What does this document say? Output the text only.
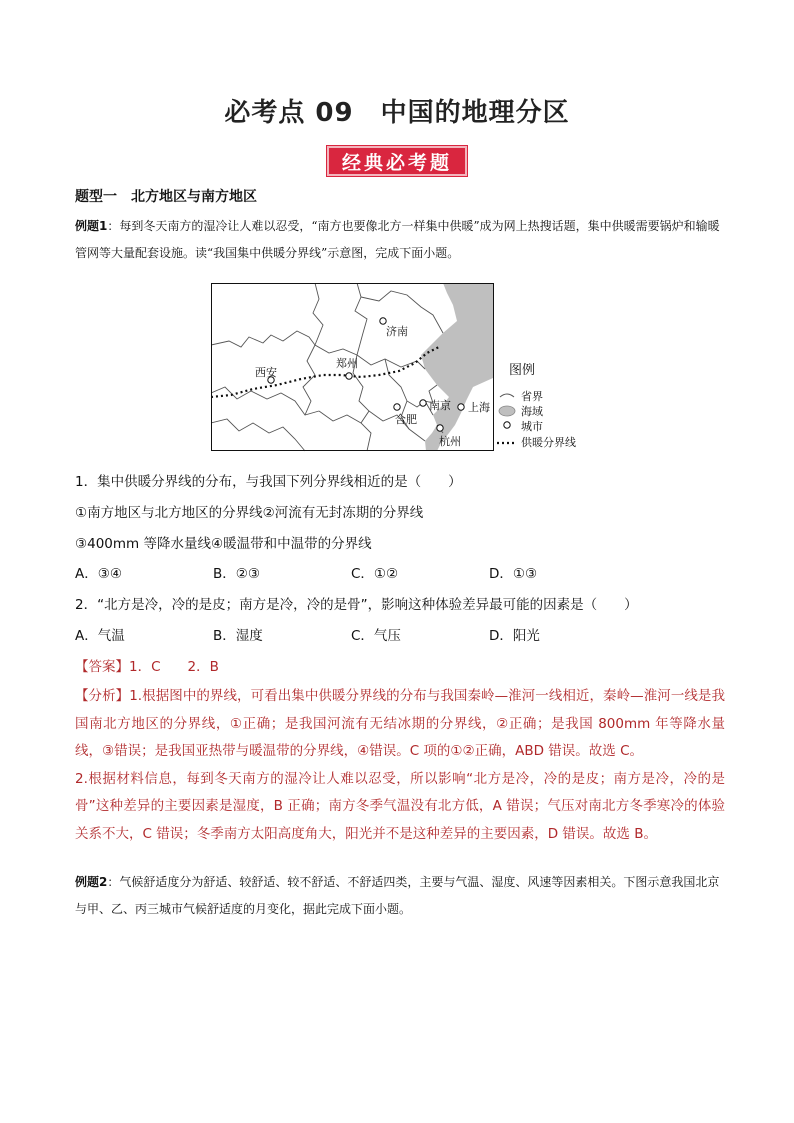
必考点 09　中国的地理分区
经典必考题
题型一　北方地区与南方地区
例题1：每到冬天南方的湿冷让人难以忍受，“南方也要像北方一样集中供暖”成为网上热搜话题，集中供暖需要锅炉和输暖管网等大量配套设施。读“我国集中供暖分界线”示意图，完成下面小题。
济南
郑州
西安
南京 上海
合肥
杭州
图例
省界
海域
城市
供暖分界线
1．集中供暖分界线的分布，与我国下列分界线相近的是（　　）
①南方地区与北方地区的分界线②河流有无封冻期的分界线
③400mm 等降水量线④暖温带和中温带的分界线
A．③④	B．②③	C．①②	D．①③
2．“北方是冷，冷的是皮；南方是冷，冷的是骨”，影响这种体验差异最可能的因素是（　　）
A．气温	B．湿度	C．气压	D．阳光
【答案】1．C　　2．B

【分析】1.根据图中的界线，可看出集中供暖分界线的分布与我国秦岭—淮河一线相近，秦岭—淮河一线是我国南北方地区的分界线，①正确；是我国河流有无结冰期的分界线，②正确；是我国 800mm 年等降水量线，③错误；是我国亚热带与暖温带的分界线，④错误。C 项的①②正确，ABD 错误。故选 C。

2.根据材料信息，每到冬天南方的湿冷让人难以忍受，所以影响“北方是冷，冷的是皮；南方是冷，冷的是骨”这种差异的主要因素是湿度，B 正确；南方冬季气温没有北方低，A 错误；气压对南北方冬季寒冷的体验关系不大，C 错误；冬季南方太阳高度角大，阳光并不是这种差异的主要因素，D 错误。故选 B。

例题2：气候舒适度分为舒适、较舒适、较不舒适、不舒适四类，主要与气温、湿度、风速等因素相关。下图示意我国北京与甲、乙、丙三城市气候舒适度的月变化，据此完成下面小题。
